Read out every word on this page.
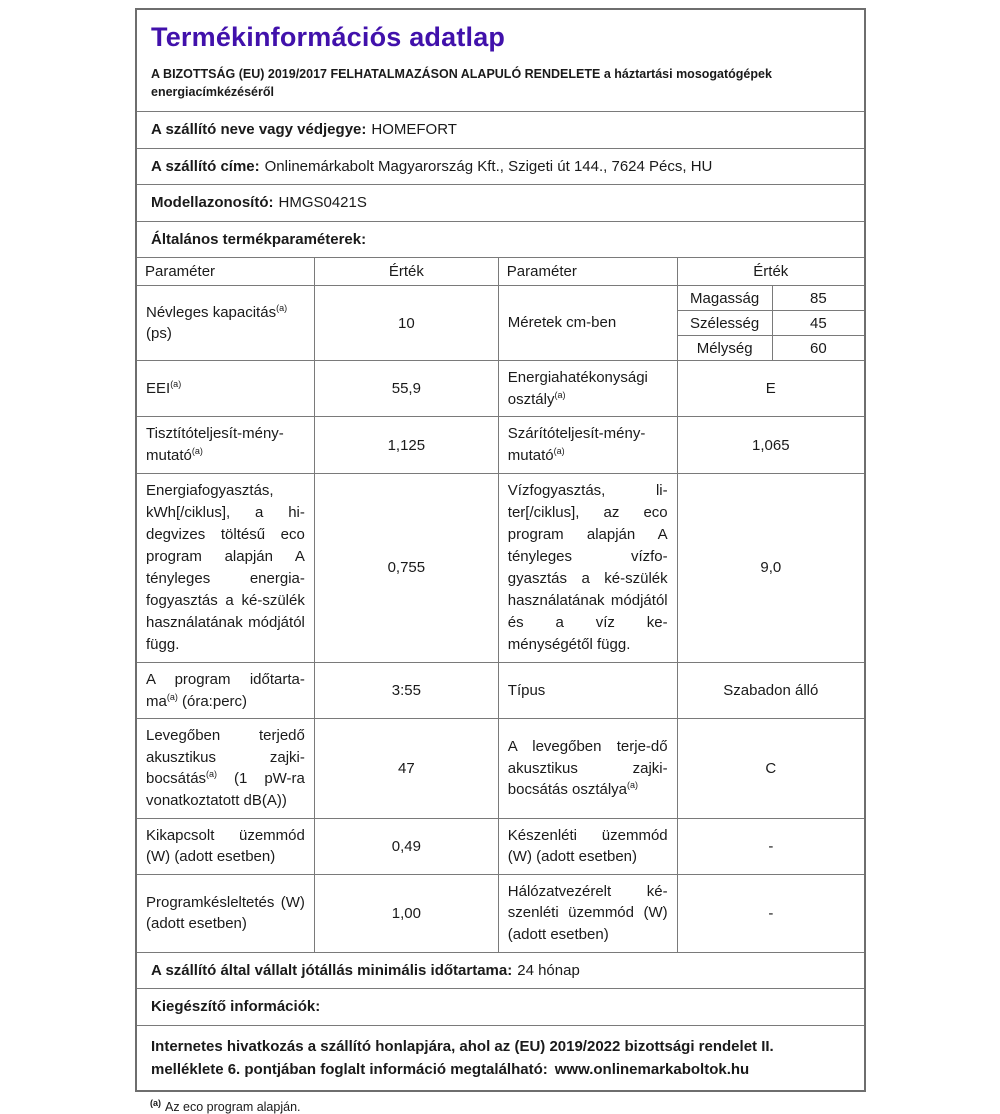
Termékinformációs adatlap

A BIZOTTSÁG (EU) 2019/2017 FELHATALMAZÁSON ALAPULÓ RENDELETE a háztartási mosogatógépek energiacímkézéséről

A szállító neve vagy védjegye: HOMEFORT
A szállító címe: Onlinemárkabolt Magyarország Kft., Szigeti út 144., 7624 Pécs, HU
Modellazonosító: HMGS0421S
Általános termékparaméterek:
Paraméter	Érték	Paraméter	Érték

Névleges kapacitás$^{(a)}$
(ps)
	10	Méretek cm-ben	
Magasság	85
Szélesség	45
Mélység	60

EEI$^{(a)}$	55,9	Energiahatékonysági osztály$^{(a)}$	E
Tisztítóteljesít-mény-mutató$^{(a)}$	1,125	Szárítóteljesít-mény-mutató$^{(a)}$	1,065
Energiafogyasztás, kWh[/ciklus], a hi-degvizes töltésű eco program alapján A tényleges energia-fogyasztás a ké-szülék használatának módjától függ.	0,755	Vízfogyasztás, li-ter[/ciklus], az eco program alapján A tényleges vízfo-gyasztás a ké-szülék használatának módjától és a víz ke-ménységétől függ.	9,0
A program időtarta-$ma^{(a)}$ (óra:perc)	3:55	Típus	Szabadon álló
Levegőben terjedő akusztikus zajki-bocsátás$^{(a)}$ (1 pW-ra vonatkoztatott dB(A))	47	A levegőben terje-dő akusztikus zajki-bocsátás osztálya$^{(a)}$	C
Kikapcsolt üzemmód (W) (adott esetben)	0,49	Készenléti üzemmód (W) (adott esetben)	-
Programkésleltetés (W) (adott esetben)	1,00	Hálózatvezérelt ké-szenléti üzemmód (W) (adott esetben)	-
A szállító által vállalt jótállás minimális időtartama: 24 hónap
Kiegészítő információk:
Internetes hivatkozás a szállító honlapjára, ahol az (EU) 2019/2022 bizottsági rendelet II. melléklete 6. pontjában foglalt információ megtalálható: www.onlinemarkaboltok.hu
$^{(a)}$ Az eco program alapján.
